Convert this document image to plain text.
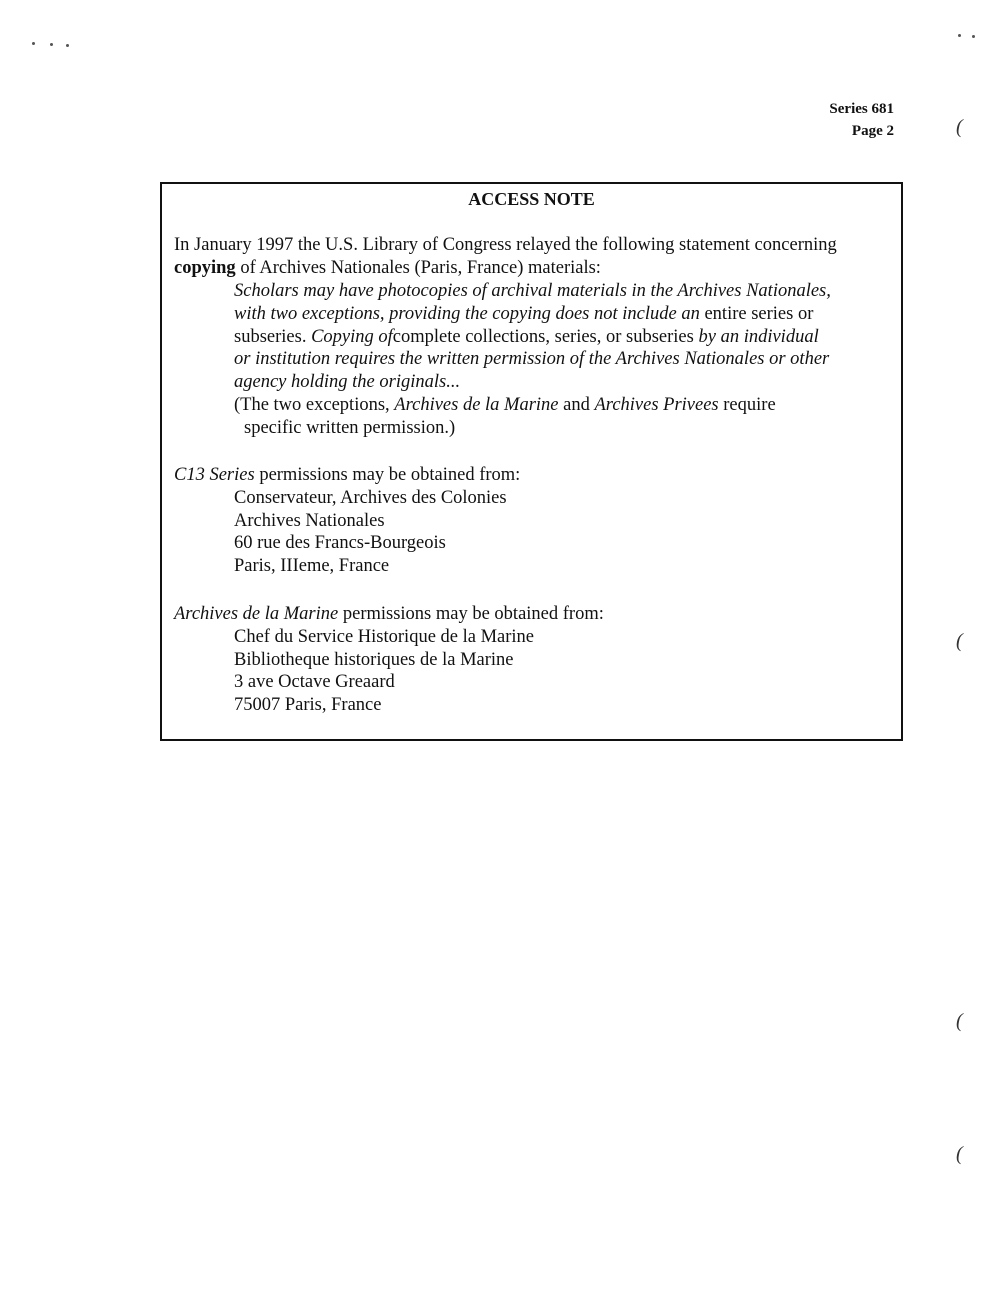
Series 681
Page 2	(
(
(
(
ACCESS NOTE
In January 1997 the U.S. Library of Congress relayed the following statement concerning
copying of Archives Nationales (Paris, France) materials:
Scholars may have photocopies of archival materials in the Archives Nationales,
with two exceptions, providing the copying does not include an entire series or
subseries. Copying ofcomplete collections, series, or subseries by an individual
or institution requires the written permission of the Archives Nationales or other
agency holding the originals...
(The two exceptions, Archives de la Marine and Archives Privees require
specific written permission.)
C13 Series permissions may be obtained from:
Conservateur, Archives des Colonies
Archives Nationales
60 rue des Francs-Bourgeois
Paris, IIIeme, France
Archives de la Marine permissions may be obtained from:
Chef du Service Historique de la Marine
Bibliotheque historiques de la Marine
3 ave Octave Greaard
75007 Paris, France
